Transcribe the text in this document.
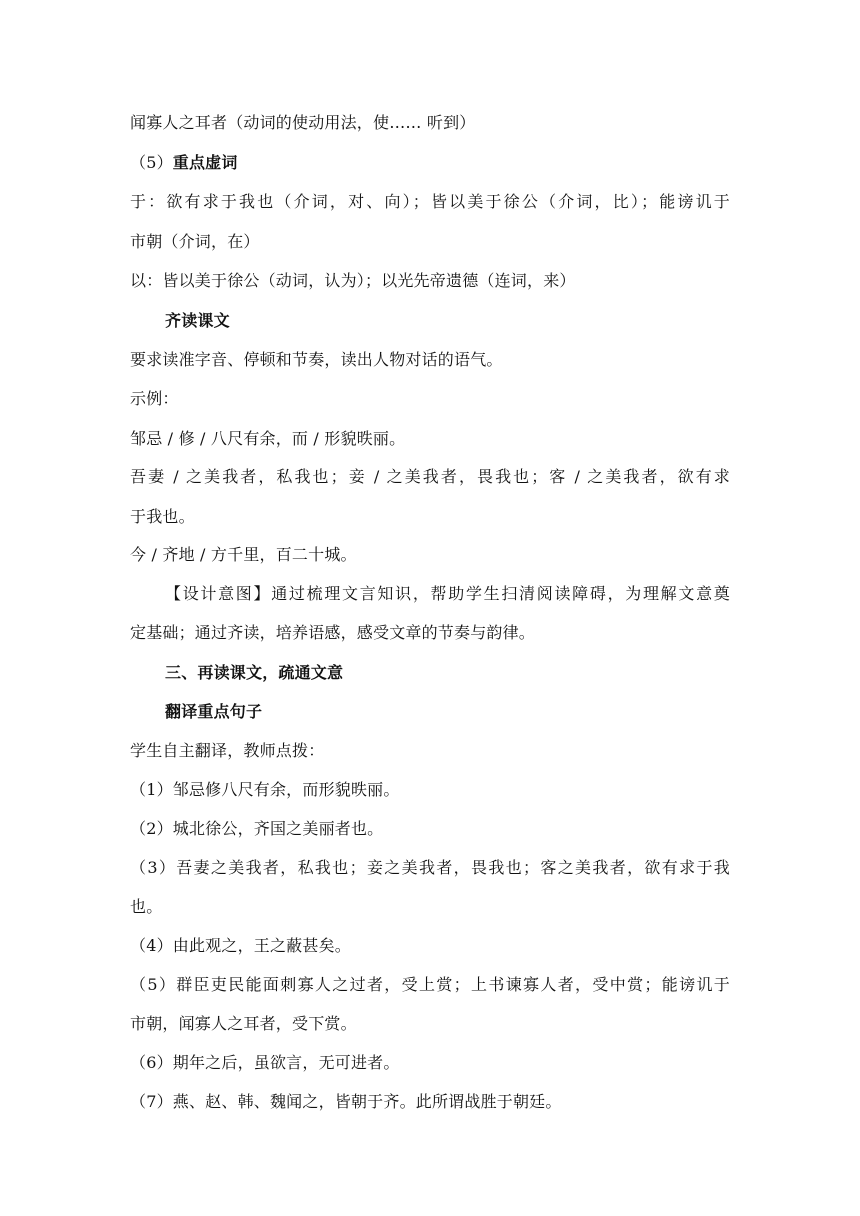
闻寡人之耳者（动词的使动用法，使…… 听到）
（5）重点虚词
于：欲有求于我也（介词，对、向）；皆以美于徐公（介词，比）；能谤讥于
市朝（介词，在）
以：皆以美于徐公（动词，认为）；以光先帝遗德（连词，来）
齐读课文
要求读准字音、停顿和节奏，读出人物对话的语气。
示例：
邹忌 / 修 / 八尺有余，而 / 形貌昳丽。
吾妻 / 之美我者，私我也；妾 / 之美我者，畏我也；客 / 之美我者，欲有求
于我也。
今 / 齐地 / 方千里，百二十城。
【设计意图】通过梳理文言知识，帮助学生扫清阅读障碍，为理解文意奠
定基础；通过齐读，培养语感，感受文章的节奏与韵律。
三、再读课文，疏通文意
翻译重点句子
学生自主翻译，教师点拨：
（1）邹忌修八尺有余，而形貌昳丽。
（2）城北徐公，齐国之美丽者也。
（3）吾妻之美我者，私我也；妾之美我者，畏我也；客之美我者，欲有求于我
也。
（4）由此观之，王之蔽甚矣。
（5）群臣吏民能面刺寡人之过者，受上赏；上书谏寡人者，受中赏；能谤讥于
市朝，闻寡人之耳者，受下赏。
（6）期年之后，虽欲言，无可进者。
（7）燕、赵、韩、魏闻之，皆朝于齐。此所谓战胜于朝廷。
